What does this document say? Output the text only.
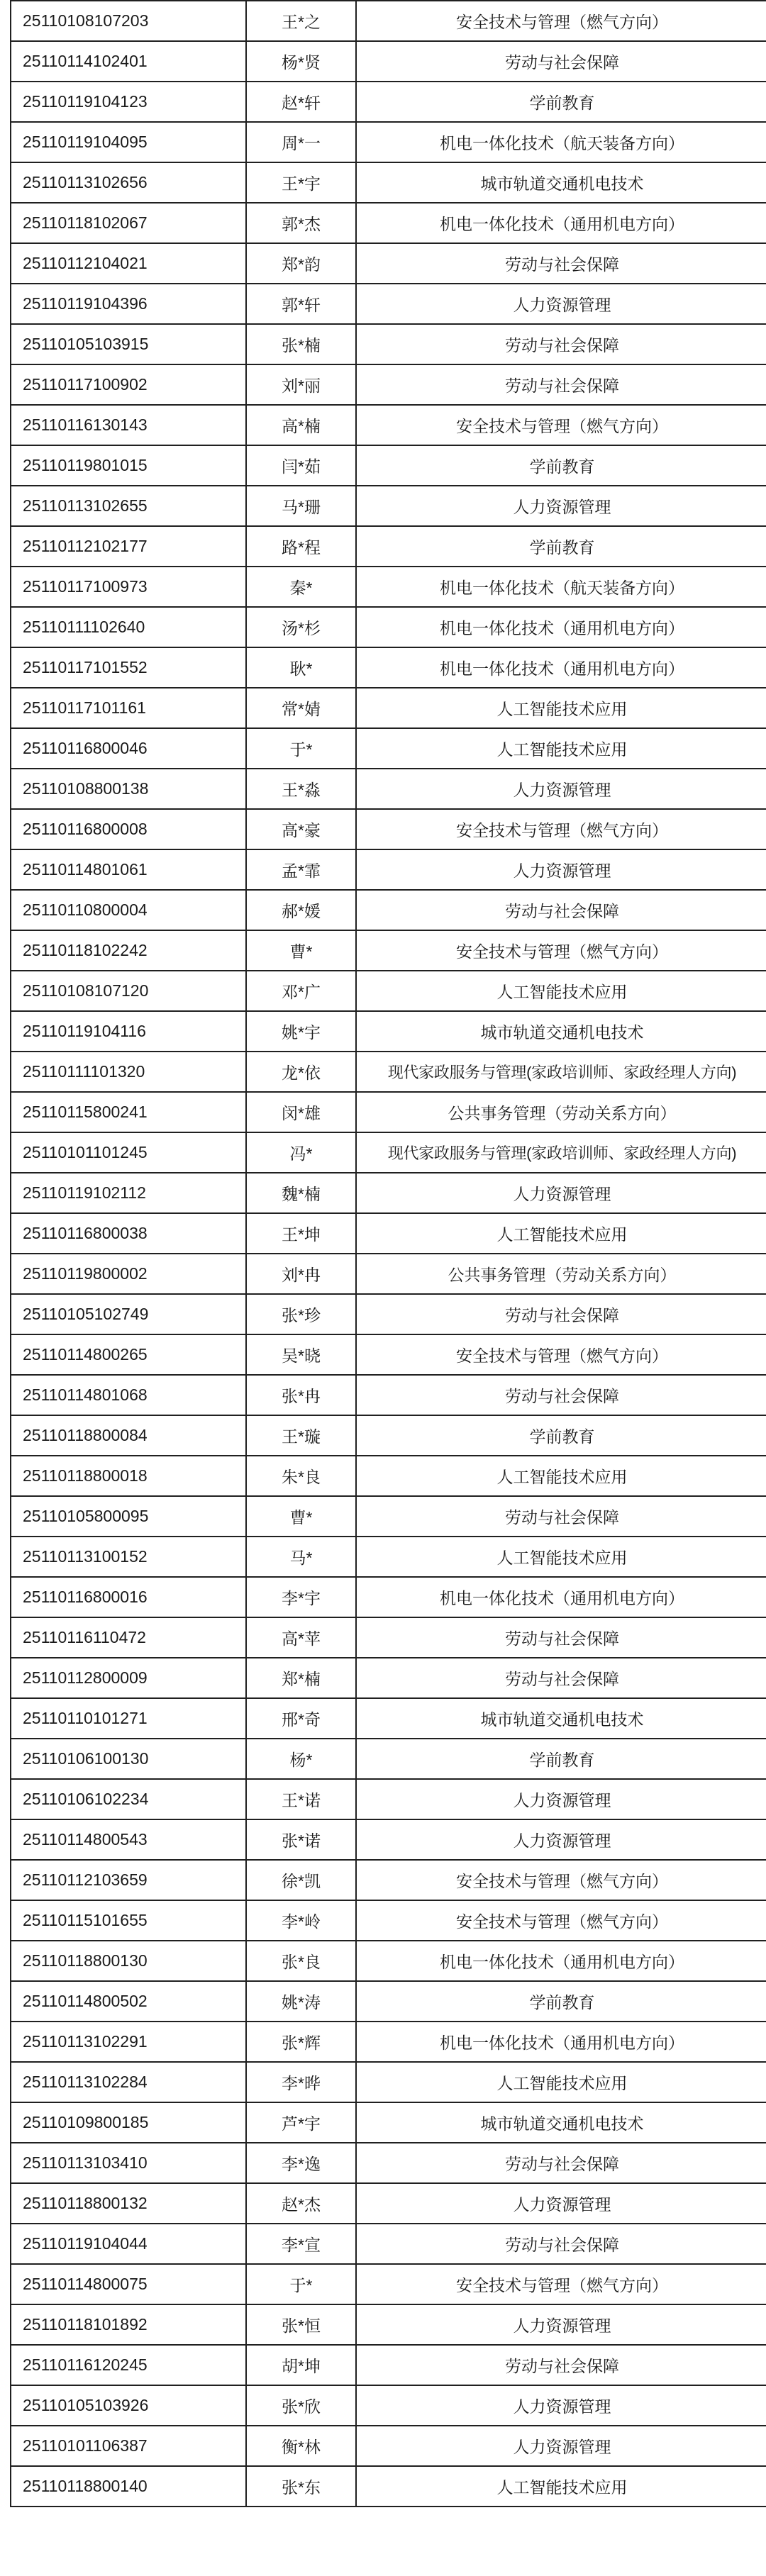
25110108107203	王*之	安全技术与管理（燃气方向）
25110114102401	杨*贤	劳动与社会保障
25110119104123	赵*轩	学前教育
25110119104095	周*一	机电一体化技术（航天装备方向）
25110113102656	王*宇	城市轨道交通机电技术
25110118102067	郭*杰	机电一体化技术（通用机电方向）
25110112104021	郑*韵	劳动与社会保障
25110119104396	郭*轩	人力资源管理
25110105103915	张*楠	劳动与社会保障
25110117100902	刘*丽	劳动与社会保障
25110116130143	高*楠	安全技术与管理（燃气方向）
25110119801015	闫*茹	学前教育
25110113102655	马*珊	人力资源管理
25110112102177	路*程	学前教育
25110117100973	秦*	机电一体化技术（航天装备方向）
25110111102640	汤*杉	机电一体化技术（通用机电方向）
25110117101552	耿*	机电一体化技术（通用机电方向）
25110117101161	常*婧	人工智能技术应用
25110116800046	于*	人工智能技术应用
25110108800138	王*淼	人力资源管理
25110116800008	高*豪	安全技术与管理（燃气方向）
25110114801061	孟*霏	人力资源管理
25110110800004	郝*媛	劳动与社会保障
25110118102242	曹*	安全技术与管理（燃气方向）
25110108107120	邓*广	人工智能技术应用
25110119104116	姚*宇	城市轨道交通机电技术
25110111101320	龙*依	现代家政服务与管理(家政培训师、家政经理人方向)
25110115800241	闵*雄	公共事务管理（劳动关系方向）
25110101101245	冯*	现代家政服务与管理(家政培训师、家政经理人方向)
25110119102112	魏*楠	人力资源管理
25110116800038	王*坤	人工智能技术应用
25110119800002	刘*冉	公共事务管理（劳动关系方向）
25110105102749	张*珍	劳动与社会保障
25110114800265	吴*晓	安全技术与管理（燃气方向）
25110114801068	张*冉	劳动与社会保障
25110118800084	王*璇	学前教育
25110118800018	朱*良	人工智能技术应用
25110105800095	曹*	劳动与社会保障
25110113100152	马*	人工智能技术应用
25110116800016	李*宇	机电一体化技术（通用机电方向）
25110116110472	高*苹	劳动与社会保障
25110112800009	郑*楠	劳动与社会保障
25110110101271	邢*奇	城市轨道交通机电技术
25110106100130	杨*	学前教育
25110106102234	王*诺	人力资源管理
25110114800543	张*诺	人力资源管理
25110112103659	徐*凯	安全技术与管理（燃气方向）
25110115101655	李*岭	安全技术与管理（燃气方向）
25110118800130	张*良	机电一体化技术（通用机电方向）
25110114800502	姚*涛	学前教育
25110113102291	张*辉	机电一体化技术（通用机电方向）
25110113102284	李*晔	人工智能技术应用
25110109800185	芦*宇	城市轨道交通机电技术
25110113103410	李*逸	劳动与社会保障
25110118800132	赵*杰	人力资源管理
25110119104044	李*宣	劳动与社会保障
25110114800075	于*	安全技术与管理（燃气方向）
25110118101892	张*恒	人力资源管理
25110116120245	胡*坤	劳动与社会保障
25110105103926	张*欣	人力资源管理
25110101106387	衡*林	人力资源管理
25110118800140	张*东	人工智能技术应用
